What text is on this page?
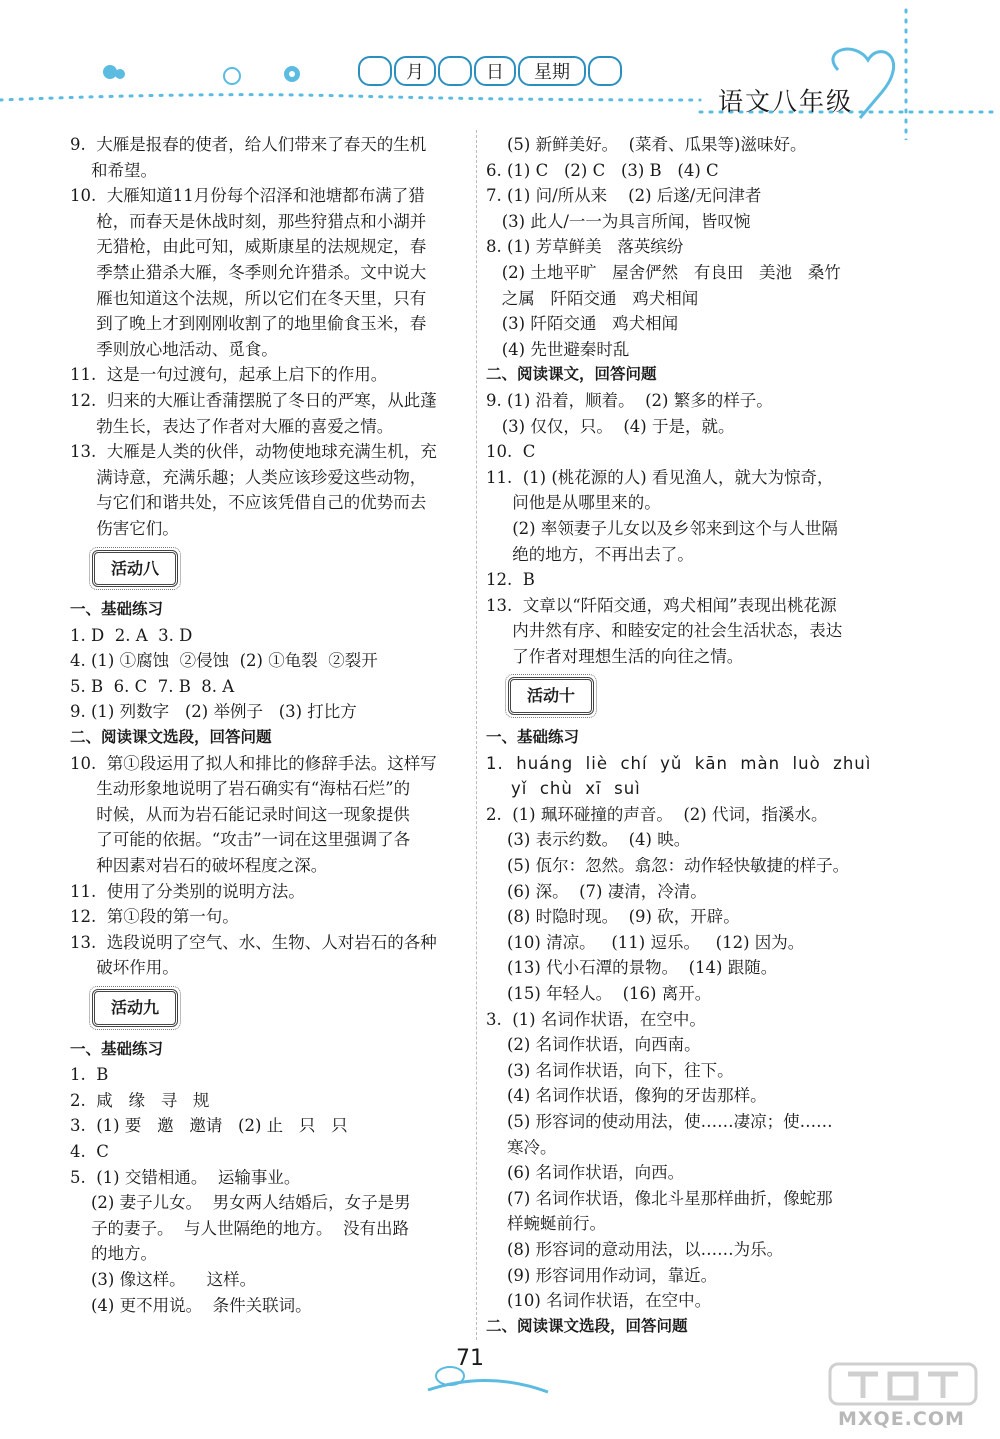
月	日	星期
语文八年级
9.  大雁是报春的使者，给人们带来了春天的生机
和希望。
10.  大雁知道11月份每个沼泽和池塘都布满了猎
枪，而春天是休战时刻，那些狩猎点和小湖并
无猎枪，由此可知，威斯康星的法规规定，春
季禁止猎杀大雁，冬季则允许猎杀。文中说大
雁也知道这个法规，所以它们在冬天里，只有
到了晚上才到刚刚收割了的地里偷食玉米，春
季则放心地活动、觅食。
11.  这是一句过渡句，起承上启下的作用。
12.  归来的大雁让香蒲摆脱了冬日的严寒，从此蓬
勃生长，表达了作者对大雁的喜爱之情。
13.  大雁是人类的伙伴，动物使地球充满生机，充
满诗意，充满乐趣；人类应该珍爱这些动物，
与它们和谐共处，不应该凭借自己的优势而去
伤害它们。
活动八
一、基础练习
1. D  2. A  3. D
4. (1) ①腐蚀  ②侵蚀  (2) ①龟裂  ②裂开
5. B  6. C  7. B  8. A
9. (1) 列数字   (2) 举例子   (3) 打比方
二、阅读课文选段，回答问题
10.  第①段运用了拟人和排比的修辞手法。这样写
生动形象地说明了岩石确实有“海枯石烂”的
时候，从而为岩石能记录时间这一现象提供
了可能的依据。“攻击”一词在这里强调了各
种因素对岩石的破坏程度之深。
11.  使用了分类别的说明方法。
12.  第①段的第一句。
13.  选段说明了空气、水、生物、人对岩石的各种
破坏作用。
活动九
一、基础练习
1.  B
2.  咸   缘   寻   规
3.  (1) 要   邀   邀请   (2) 止   只   只
4.  C
5.  (1) 交错相通。  运输事业。
(2) 妻子儿女。  男女两人结婚后，女子是男
子的妻子。  与人世隔绝的地方。  没有出路
的地方。
(3) 像这样。    这样。
(4) 更不用说。  条件关联词。
(5) 新鲜美好。  (菜肴、瓜果等)滋味好。
6. (1) C   (2) C   (3) B   (4) C
7. (1) 问/所从来    (2) 后遂/无问津者
(3) 此人/一一为具言所闻，皆叹惋
8. (1) 芳草鲜美   落英缤纷
(2) 土地平旷   屋舍俨然   有良田   美池   桑竹
之属   阡陌交通   鸡犬相闻
(3) 阡陌交通   鸡犬相闻
(4) 先世避秦时乱
二、阅读课文，回答问题
9. (1) 沿着，顺着。  (2) 繁多的样子。
(3) 仅仅，只。  (4) 于是，就。
10.  C
11.  (1) (桃花源的人) 看见渔人，就大为惊奇，
问他是从哪里来的。
(2) 率领妻子儿女以及乡邻来到这个与人世隔
绝的地方，不再出去了。
12.  B
13.  文章以“阡陌交通，鸡犬相闻”表现出桃花源
内井然有序、和睦安定的社会生活状态，表达
了作者对理想生活的向往之情。
活动十
一、基础练习
1.  huáng  liè  chí  yǔ  kān  màn  luò  zhuì
yǐ  chù  xī  suì
2.  (1) 珮环碰撞的声音。  (2) 代词，指溪水。
(3) 表示约数。  (4) 映。
(5) 佤尔：忽然。翕忽：动作轻快敏捷的样子。
(6) 深。  (7) 凄清，冷清。
(8) 时隐时现。  (9) 砍，开辟。
(10) 清凉。   (11) 逗乐。   (12) 因为。
(13) 代小石潭的景物。  (14) 跟随。
(15) 年轻人。  (16) 离开。
3.  (1) 名词作状语，在空中。
(2) 名词作状语，向西南。
(3) 名词作状语，向下，往下。
(4) 名词作状语，像狗的牙齿那样。
(5) 形容词的使动用法，使……凄凉；使……
寒冷。
(6) 名词作状语，向西。
(7) 名词作状语，像北斗星那样曲折，像蛇那
样蜿蜒前行。
(8) 形容词的意动用法，以……为乐。
(9) 形容词用作动词，靠近。
(10) 名词作状语，在空中。
二、阅读课文选段，回答问题
71
MXQE.COM
